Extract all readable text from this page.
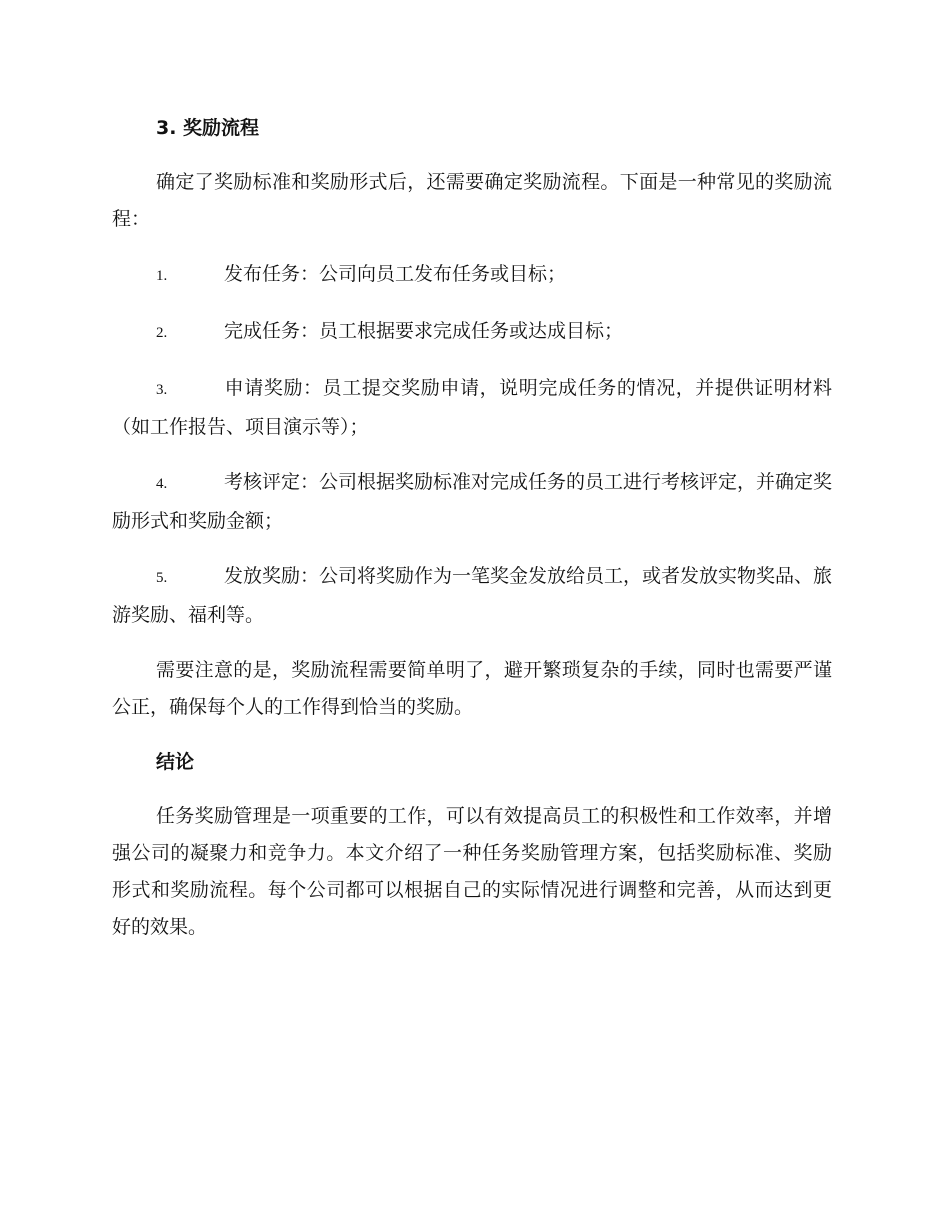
3. 奖励流程

确定了奖励标准和奖励形式后，还需要确定奖励流程。下面是一种常见的奖励流程：

1.	发布任务：公司向员工发布任务或目标；
2.	完成任务：员工根据要求完成任务或达成目标；
3.	申请奖励：员工提交奖励申请，说明完成任务的情况，并提供证明材料（如工作报告、项目演示等）；
4.	考核评定：公司根据奖励标准对完成任务的员工进行考核评定，并确定奖励形式和奖励金额；
5.	发放奖励：公司将奖励作为一笔奖金发放给员工，或者发放实物奖品、旅游奖励、福利等。

需要注意的是，奖励流程需要简单明了，避开繁琐复杂的手续，同时也需要严谨公正，确保每个人的工作得到恰当的奖励。

结论

任务奖励管理是一项重要的工作，可以有效提高员工的积极性和工作效率，并增强公司的凝聚力和竞争力。本文介绍了一种任务奖励管理方案，包括奖励标准、奖励形式和奖励流程。每个公司都可以根据自己的实际情况进行调整和完善，从而达到更好的效果。
